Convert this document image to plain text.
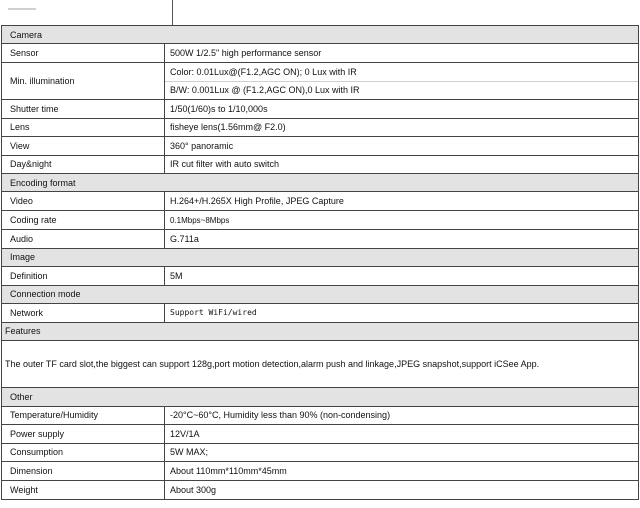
Camera
Sensor	500W 1/2.5" high performance sensor
Min. illumination
Color: 0.01Lux@(F1.2,AGC ON); 0 Lux with IR
B/W: 0.001Lux @ (F1.2,AGC ON),0 Lux with IR
Shutter time	1/50(1/60)s to 1/10,000s
Lens	fisheye lens(1.56mm@ F2.0)
View	360° panoramic
Day&night	IR cut filter with auto switch
Encoding format
Video	H.264+/H.265X High Profile, JPEG Capture
Coding rate	0.1Mbps~8Mbps
Audio	G.711a
Image
Definition	5M
Connection mode
Network	Support WiFi/wired
Features
The outer TF card slot,the biggest can support 128g,port motion detection,alarm push and linkage,JPEG snapshot,support iCSee App.
Other
Temperature/Humidity	-20°C~60°C, Humidity less than 90% (non-condensing)
Power supply	12V/1A
Consumption	5W MAX;
Dimension	About 110mm*110mm*45mm
Weight	About 300g
